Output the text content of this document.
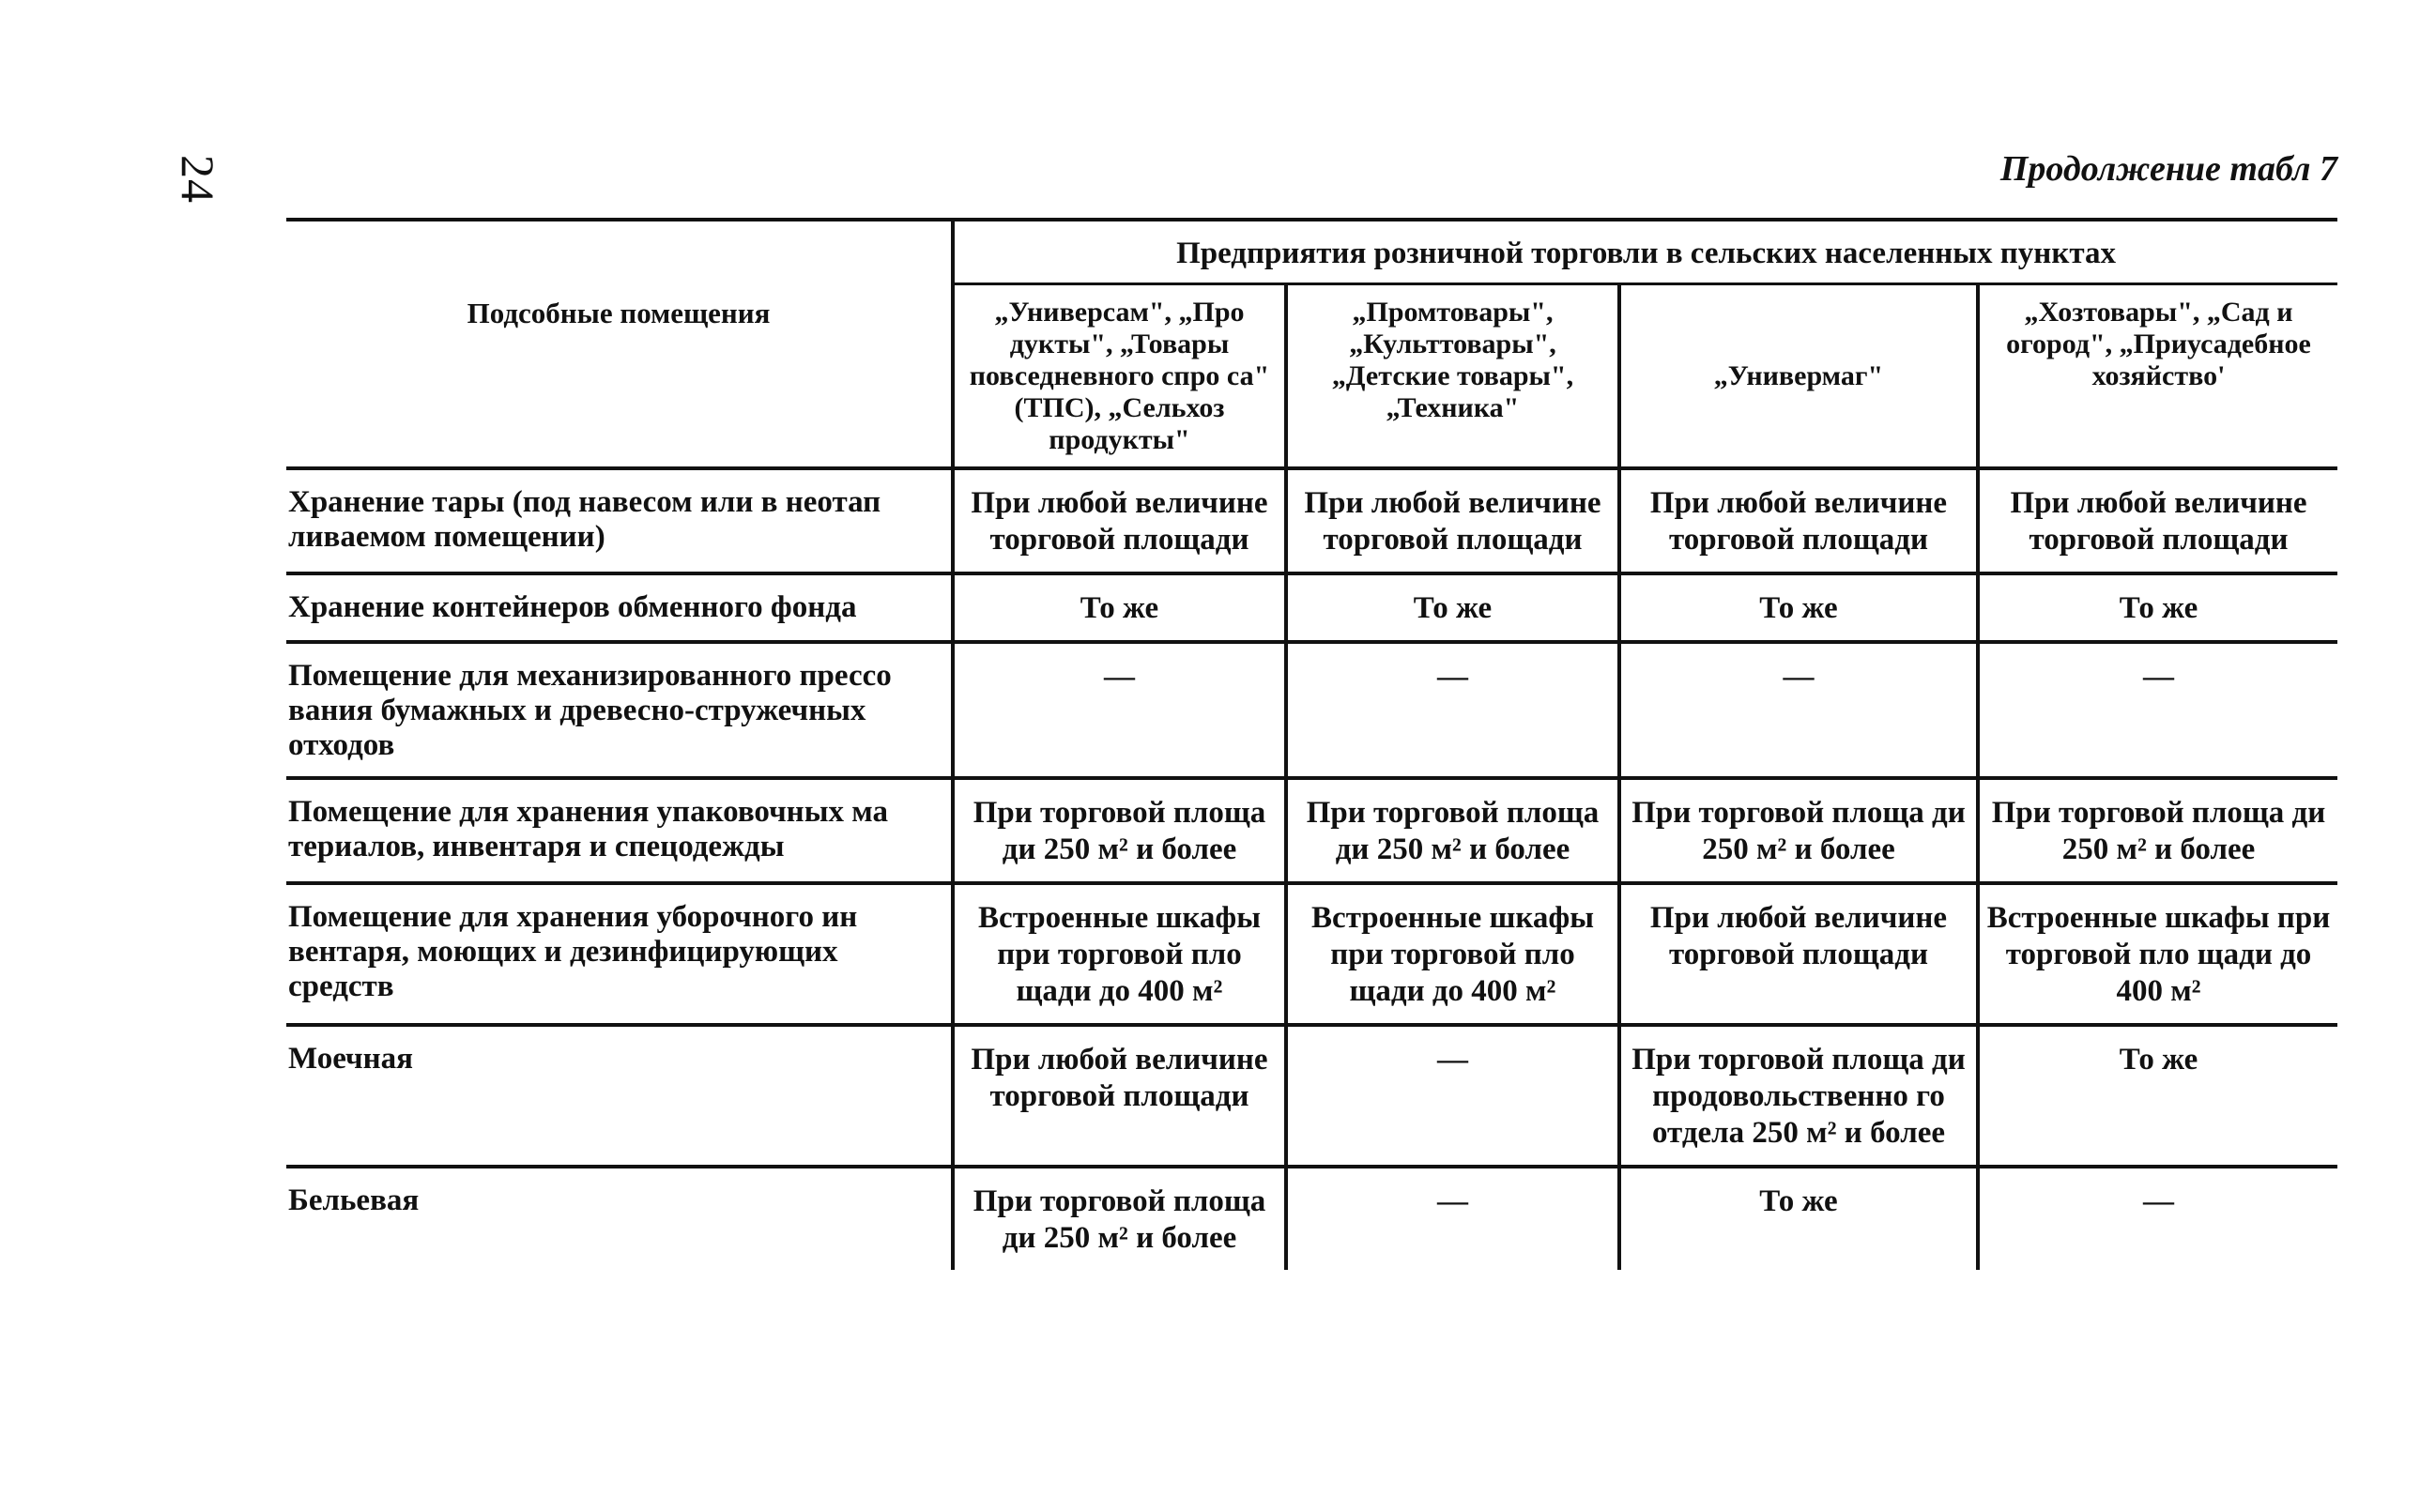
24	Продолжение табл 7
Подсобные помещения	Предприятия розничной торговли в сельских населенных пунктах			
	„Универсам", „Про дукты", „Товары повседневного спро са" (ТПС), „Сельхоз продукты"	„Промтовары", „Культтовары", „Детские товары", „Техника"	„Универмаг"	„Хозтовары", „Сад и огород", „Приусадебное хозяйство'
Хранение тары (под навесом или в неотап ливаемом помещении)	При любой величине торговой площади	При любой величине торговой площади	При любой величине торговой площади	При любой величине торговой площади
Хранение контейнеров обменного фонда	То же	То же	То же	То же
Помещение для механизированного прессо вания бумажных и древесно-стружечных отходов	—	—	—	—
Помещение для хранения упаковочных ма териалов, инвентаря и спецодежды	При торговой площа ди 250 м² и более	При торговой площа ди 250 м² и более	При торговой площа ди 250 м² и более	При торговой площа ди 250 м² и более
Помещение для хранения уборочного ин вентаря, моющих и дезинфицирующих средств	Встроенные шкафы при торговой пло щади до 400 м²	Встроенные шкафы при торговой пло щади до 400 м²	При любой величине торговой площади	Встроенные шкафы при торговой пло щади до 400 м²
Моечная	При любой величине торговой площади	—	При торговой площа ди продовольственно го отдела 250 м² и более	То же
Бельевая	При торговой площа ди 250 м² и более	—	То же	—
